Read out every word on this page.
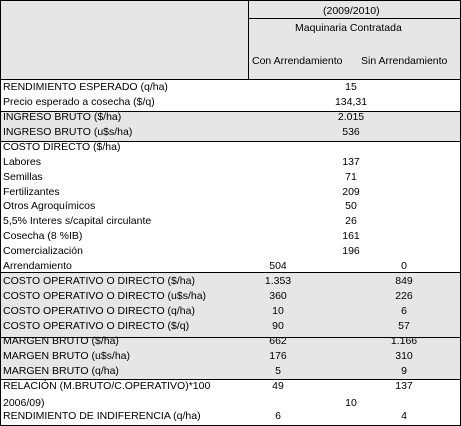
(2009/2010)
Maquinaria Contratada
Con Arrendamiento Sin Arrendamiento
RENDIMIENTO ESPERADO (q/ha)	15
Precio esperado a cosecha ($/q)	134,31
INGRESO BRUTO ($/ha)	2.015
INGRESO BRUTO (u$s/ha)	536
COSTO DIRECTO ($/ha)
Labores	137
Semillas	71
Fertilizantes	209
Otros Agroquímicos	50
5,5% Interes s/capital circulante	26
Cosecha (8 %IB)	161
Comercialización	196
Arrendamiento	504	0
COSTO OPERATIVO O DIRECTO ($/ha)	1.353	849
COSTO OPERATIVO O DIRECTO (u$s/ha)	360	226
COSTO OPERATIVO O DIRECTO (q/ha)	10	6
COSTO OPERATIVO O DIRECTO ($/q)	90	57
MARGEN BRUTO ($/ha)	662	1.166
MARGEN BRUTO (u$s/ha)	176	310
MARGEN BRUTO (q/ha)	5	9
RELACIÓN (M.BRUTO/C.OPERATIVO)*100	49	137
2006/09)	10
RENDIMIENTO DE INDIFERENCIA (q/ha)	6	4
